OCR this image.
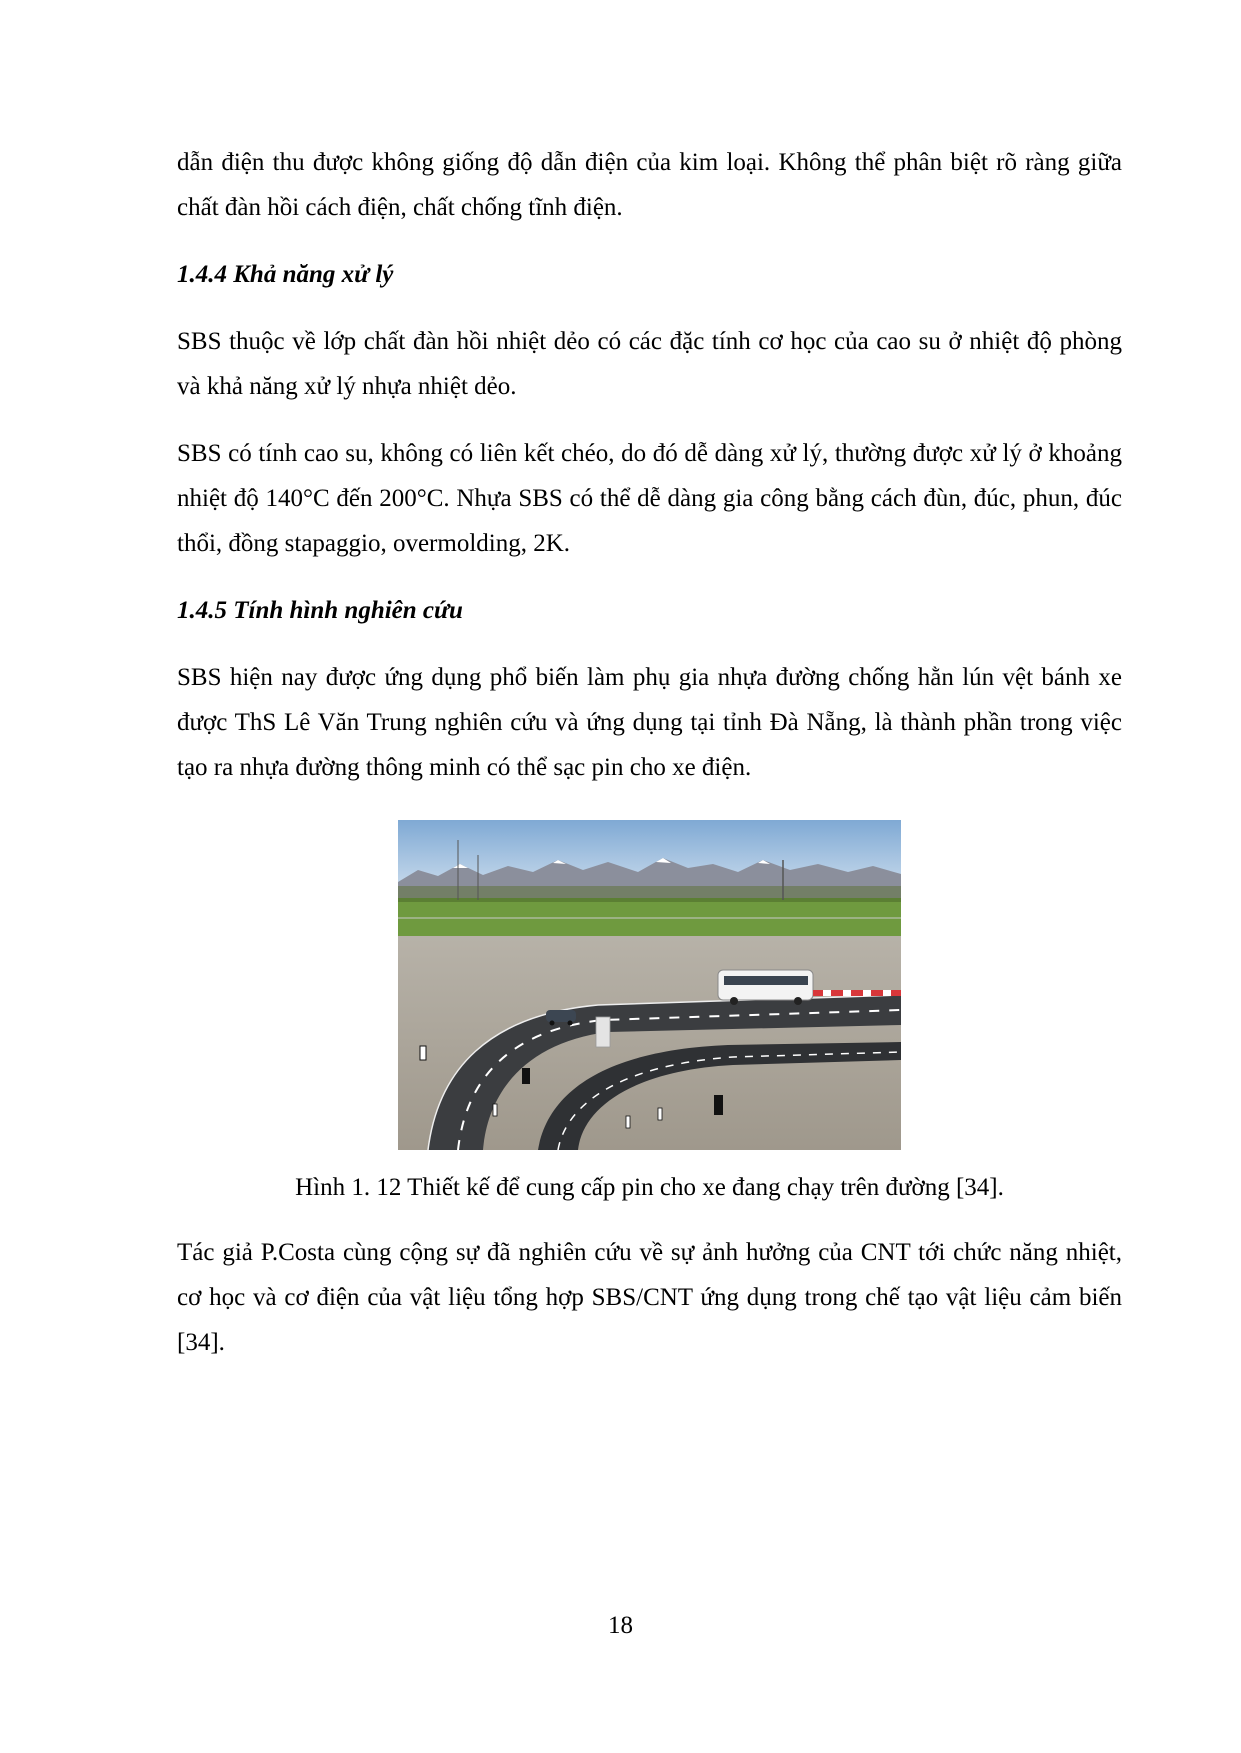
dẫn điện thu được không giống độ dẫn điện của kim loại. Không thể phân biệt rõ ràng giữa chất đàn hồi cách điện, chất chống tĩnh điện.

1.4.4 Khả năng xử lý

SBS thuộc về lớp chất đàn hồi nhiệt dẻo có các đặc tính cơ học của cao su ở nhiệt độ phòng và khả năng xử lý nhựa nhiệt dẻo.

SBS có tính cao su, không có liên kết chéo, do đó dễ dàng xử lý, thường được xử lý ở khoảng nhiệt độ 140°C đến 200°C. Nhựa SBS có thể dễ dàng gia công bằng cách đùn, đúc, phun, đúc thổi, đồng stapaggio, overmolding, 2K.

1.4.5 Tính hình nghiên cứu

SBS hiện nay được ứng dụng phổ biến làm phụ gia nhựa đường chống hằn lún vệt bánh xe được ThS Lê Văn Trung nghiên cứu và ứng dụng tại tỉnh Đà Nẵng, là thành phần trong việc tạo ra nhựa đường thông minh có thể sạc pin cho xe điện.

Hình 1. 12 Thiết kế để cung cấp pin cho xe đang chạy trên đường [34].

Tác giả P.Costa cùng cộng sự đã nghiên cứu về sự ảnh hưởng của CNT tới chức năng nhiệt, cơ học và cơ điện của vật liệu tổng hợp SBS/CNT ứng dụng trong chế tạo vật liệu cảm biến [34].

18
